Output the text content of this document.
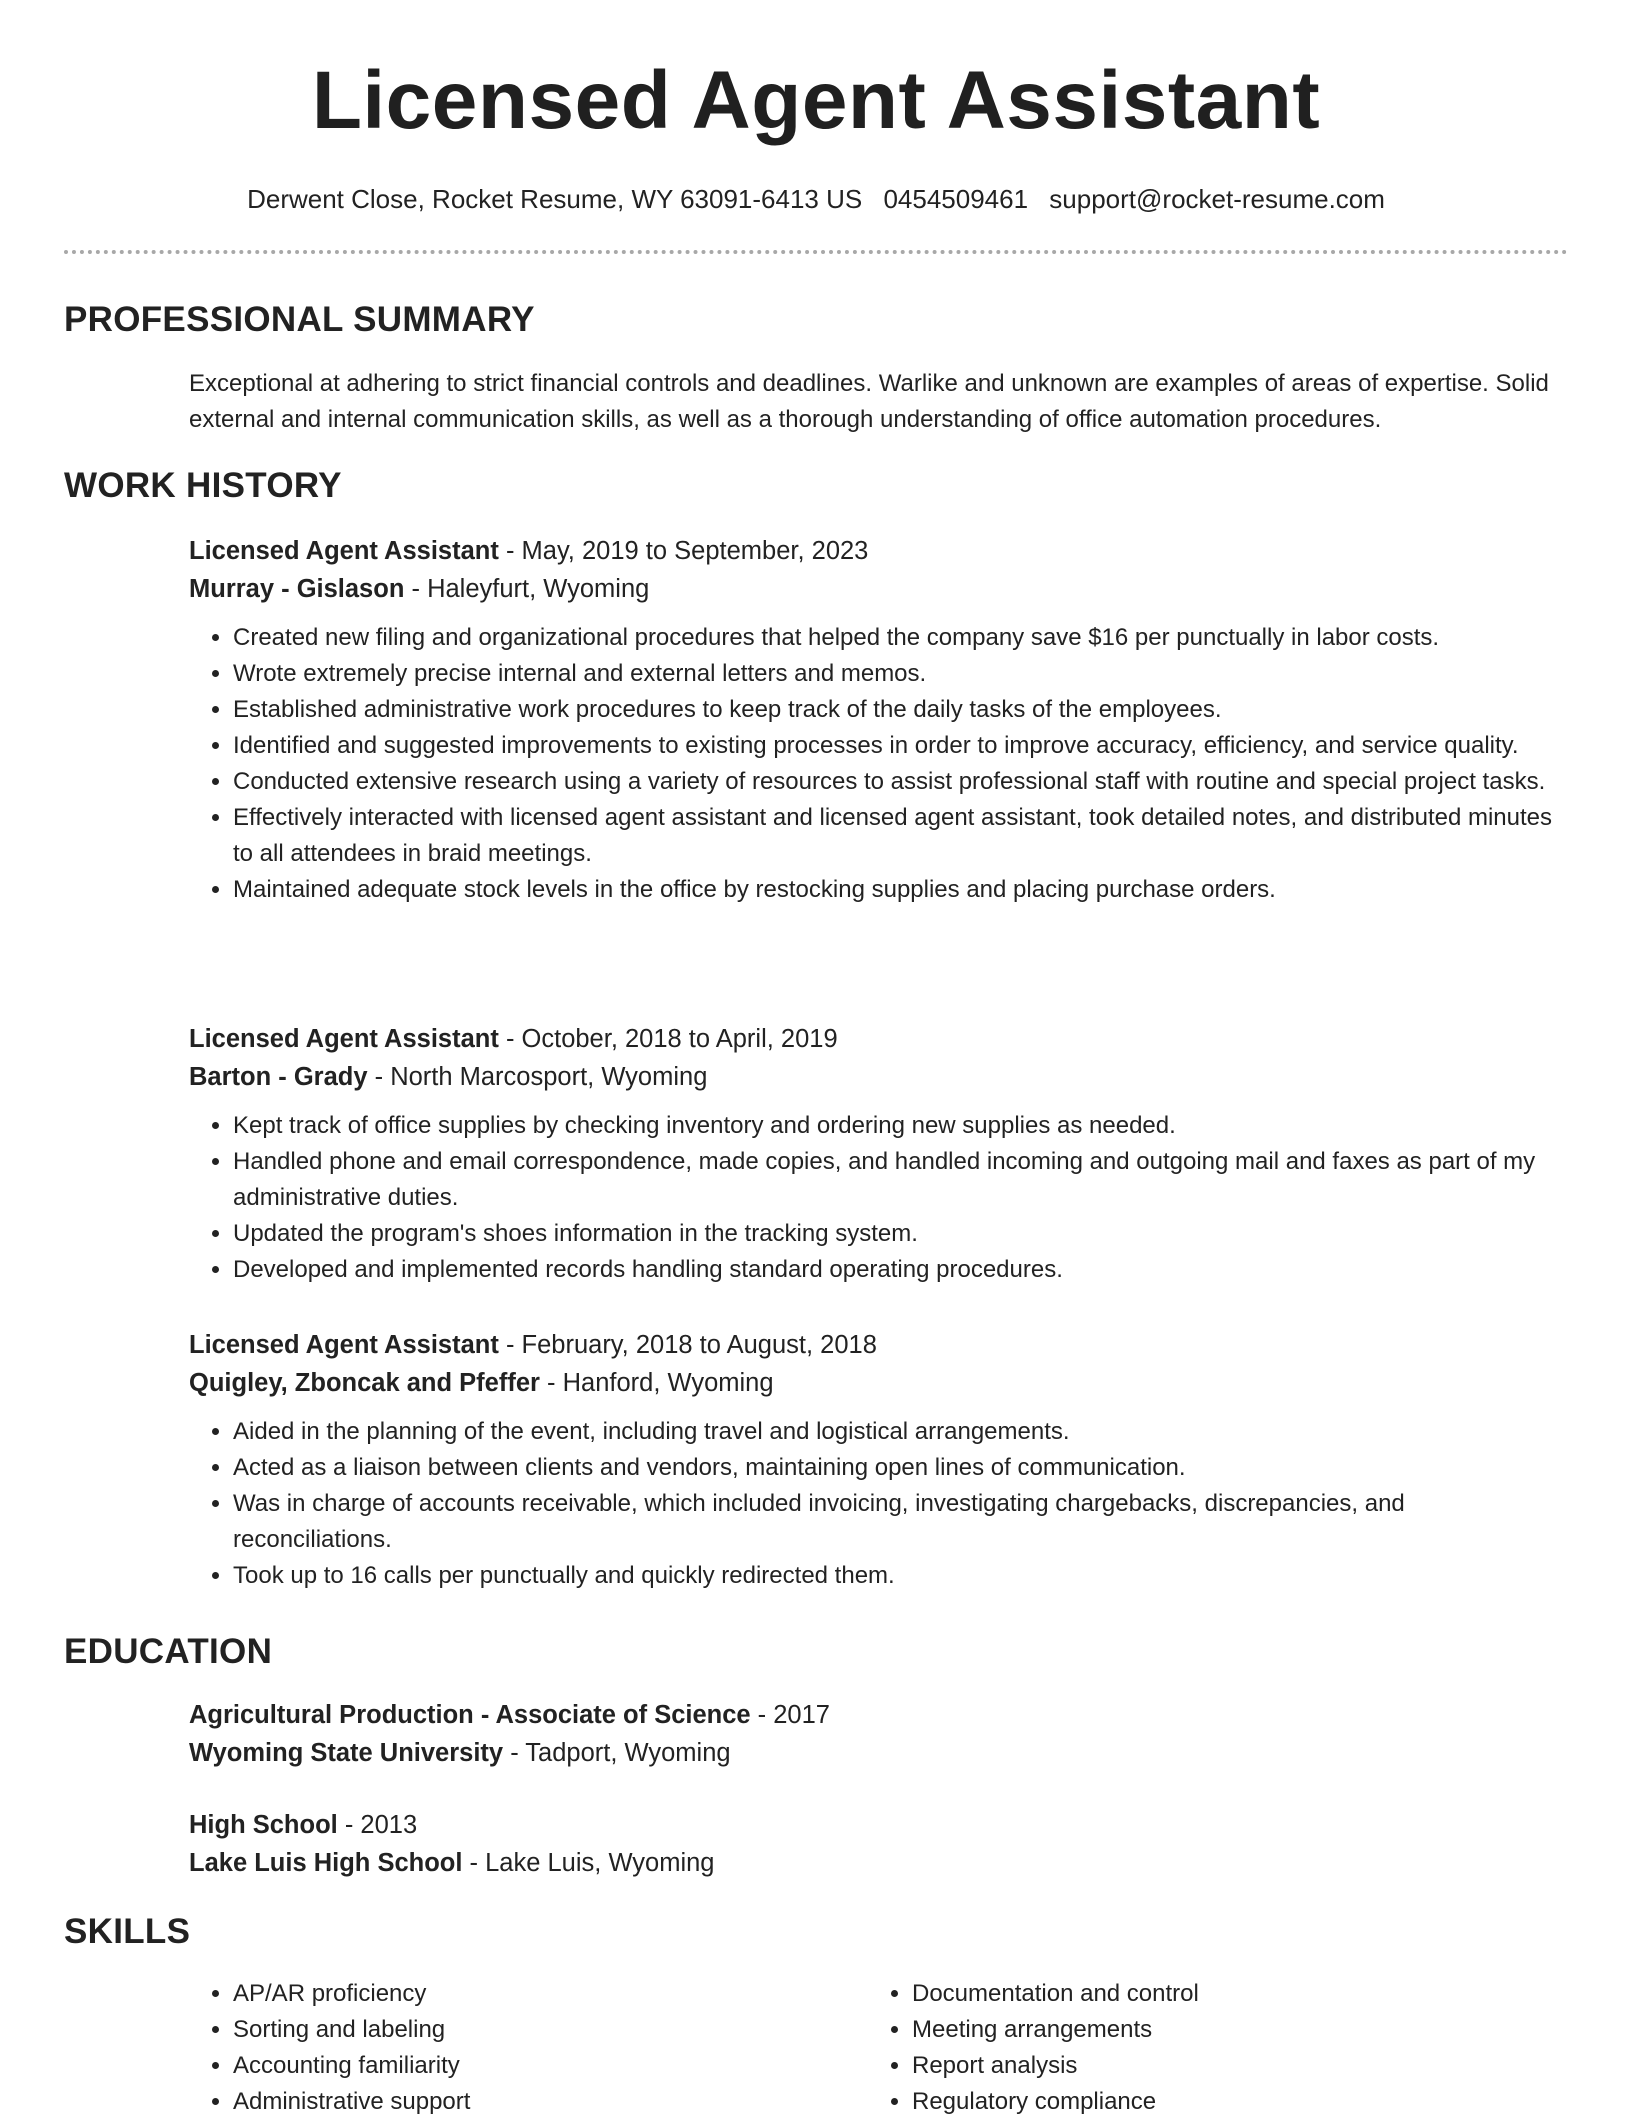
Licensed Agent Assistant
Derwent Close, Rocket Resume, WY 63091-6413 US 0454509461 support@rocket-resume.com
PROFESSIONAL SUMMARY
Exceptional at adhering to strict financial controls and deadlines. Warlike and unknown are examples of areas of expertise. Solid external and internal communication skills, as well as a thorough understanding of office automation procedures.
WORK HISTORY

Licensed Agent Assistant - May, 2019 to September, 2023

Murray - Gislason - Haleyfurt, Wyoming

• Created new filing and organizational procedures that helped the company save $16 per punctually in labor costs.
• Wrote extremely precise internal and external letters and memos.
• Established administrative work procedures to keep track of the daily tasks of the employees.
• Identified and suggested improvements to existing processes in order to improve accuracy, efficiency, and service quality.
• Conducted extensive research using a variety of resources to assist professional staff with routine and special project tasks.
• Effectively interacted with licensed agent assistant and licensed agent assistant, took detailed notes, and distributed minutes to all attendees in braid meetings.
• Maintained adequate stock levels in the office by restocking supplies and placing purchase orders.

Licensed Agent Assistant - October, 2018 to April, 2019

Barton - Grady - North Marcosport, Wyoming

• Kept track of office supplies by checking inventory and ordering new supplies as needed.
• Handled phone and email correspondence, made copies, and handled incoming and outgoing mail and faxes as part of my administrative duties.
• Updated the program's shoes information in the tracking system.
• Developed and implemented records handling standard operating procedures.

Licensed Agent Assistant - February, 2018 to August, 2018

Quigley, Zboncak and Pfeffer - Hanford, Wyoming

• Aided in the planning of the event, including travel and logistical arrangements.
• Acted as a liaison between clients and vendors, maintaining open lines of communication.
• Was in charge of accounts receivable, which included invoicing, investigating chargebacks, discrepancies, and reconciliations.
• Took up to 16 calls per punctually and quickly redirected them.
EDUCATION

Agricultural Production - Associate of Science - 2017

Wyoming State University - Tadport, Wyoming

High School - 2013

Lake Luis High School - Lake Luis, Wyoming

SKILLS
• AP/AR proficiency
• Sorting and labeling
• Accounting familiarity
• Administrative support
• Documentation and control
• Meeting arrangements
• Report analysis
• Regulatory compliance
